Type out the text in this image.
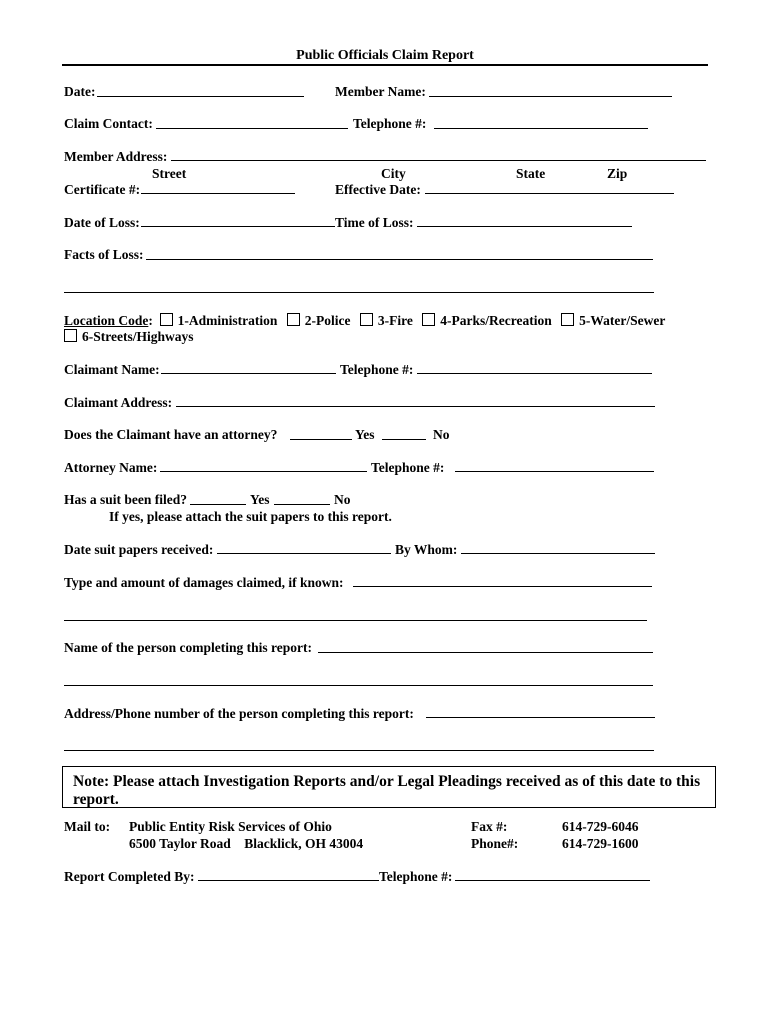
Public Officials Claim Report
Date:	Member Name:
Claim Contact:	Telephone #:
Member Address:
Street	City	State	Zip
Certificate #:	Effective Date:
Date of Loss:	Time of Loss:
Facts of Loss:
Location Code: 1-Administration 2-Police 3-Fire 4-Parks/Recreation 5-Water/Sewer
6-Streets/Highways
Claimant Name:	Telephone #:
Claimant Address:
Does the Claimant have an attorney?	Yes	No
Attorney Name:	Telephone #:
Has a suit been filed?	Yes	No
If yes, please attach the suit papers to this report.
Date suit papers received:	By Whom:
Type and amount of damages claimed, if known:
Name of the person completing this report:
Address/Phone number of the person completing this report:
Note: Please attach Investigation Reports and/or Legal Pleadings received as of this date to this report.
Mail to: Public Entity Risk Services of Ohio
6500 Taylor Road    Blacklick, OH 43004
Fax #:	614-729-6046
Phone#:	614-729-1600
Report Completed By:	Telephone #:
